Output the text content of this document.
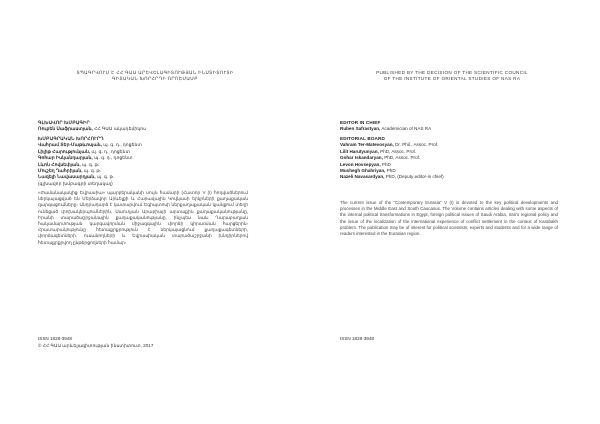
ՏՊԱԳՐՎՈՒՄ Է ՀՀ ԳԱԱ ԱՐԵՎԵԼԱԳԻՏՈՒԹՅԱՆ ԻՆՍՏԻՏՈՒՏԻ
ԳԻՏԱԿԱՆ ԽՈՐՀՐԴԻ ՈՐՈՇՄԱՄԲ
ԳԼԽԱՎՈՐ ԽՄԲԱԳԻՐ
Ռուբեն Սաֆրաստյան, ՀՀ ԳԱԱ ակադեմիկոս
ԽՄԲԱԳՐԱԿԱՆ ԽՈՐՀՈՒՐԴ
Վահրամ Տեր-Մաթևոսյան, պ. գ. դ., դոցենտ
Լիլիթ Հարությունյան, պ. գ. դ., դոցենտ
Գոհար Իսկանդարյան, պ. գ. դ., դոցենտ
Լևոն Հովսեփյան, պ. գ. թ.
Մուշեղ Ղահրիյան, պ. գ. թ.
Նազելի Նավասարդյան, պ. գ. թ.
(գլխավոր խմբագրի տեղակալ)
«Ժամանակակից Եվրասիա» պարբերականի սույն համարի (Հատոր V (I) հոդվածներում ներկայացված են Մերձավոր Արևելքի և Հարավային Կովկասի երկրների քաղաքական զարգացումները։ Անդրադարձ է կատարվում Եգիպտոսի ներքաղաքական կյանքում տեղի ունեցած փոխակերպումներին, Սաուդյան Արաբիայի արտաքին քաղաքականությանը, Իրանի տարածաշրջանային քաղաքականությանը, ինչպես նաև Ղարաբաղյան հակամարտության կարգավորման միջազգային փորձի կիրառման հարցերին։ Հրատարակությունը հետաքրքրություն է ներկայացնում քաղաքագետների, փորձագետների, ուսանողների և Եվրասիական տարածաշրջանի խնդիրներով հետաքրքրվող ընթերցողների համար։
ISSN 1828-3948
© ՀՀ ԳԱԱ արևելագիտության ինստիտուտ, 2017
PUBLISHED BY THE DECISION OF THE SCIENTIFIC COUNCIL
OF THE INSTITUTE OF ORIENTAL STUDIES OF NAS RA
EDITOR IN CHIEF
Ruben Safrastyan, Academician of NAS RA
EDITORIAL BOARD
Vahram Ter-Matevosyan, Dr. Phil., Assoc. Prof.
Lilit Harutyunyan, PhD, Assoc. Prof.
Gohar Iskandaryan, PhD, Assoc. Prof.
Levon Hovsepyan, PhD
Mushegh Ghahriyan, PhD
Nazeli Navasardyan, PhD, (Deputy editor-in chief)
The current issue of the “Contemporary Eurasia” V (I) is devoted to the key political developments and processes in the Middle East and South Caucasus. The Volume contains articles dealing with some aspects of the internal political transformations in Egypt, foreign political issues of Saudi Arabia, Iran’s regional policy and the issue of the localization of the international experience of conflict settlement in the context of Karabakh problem. The publication may be of interest for political scientists, experts and students and for a wide range of readers interested in the Eurasian region.
ISSN 1828-3948
